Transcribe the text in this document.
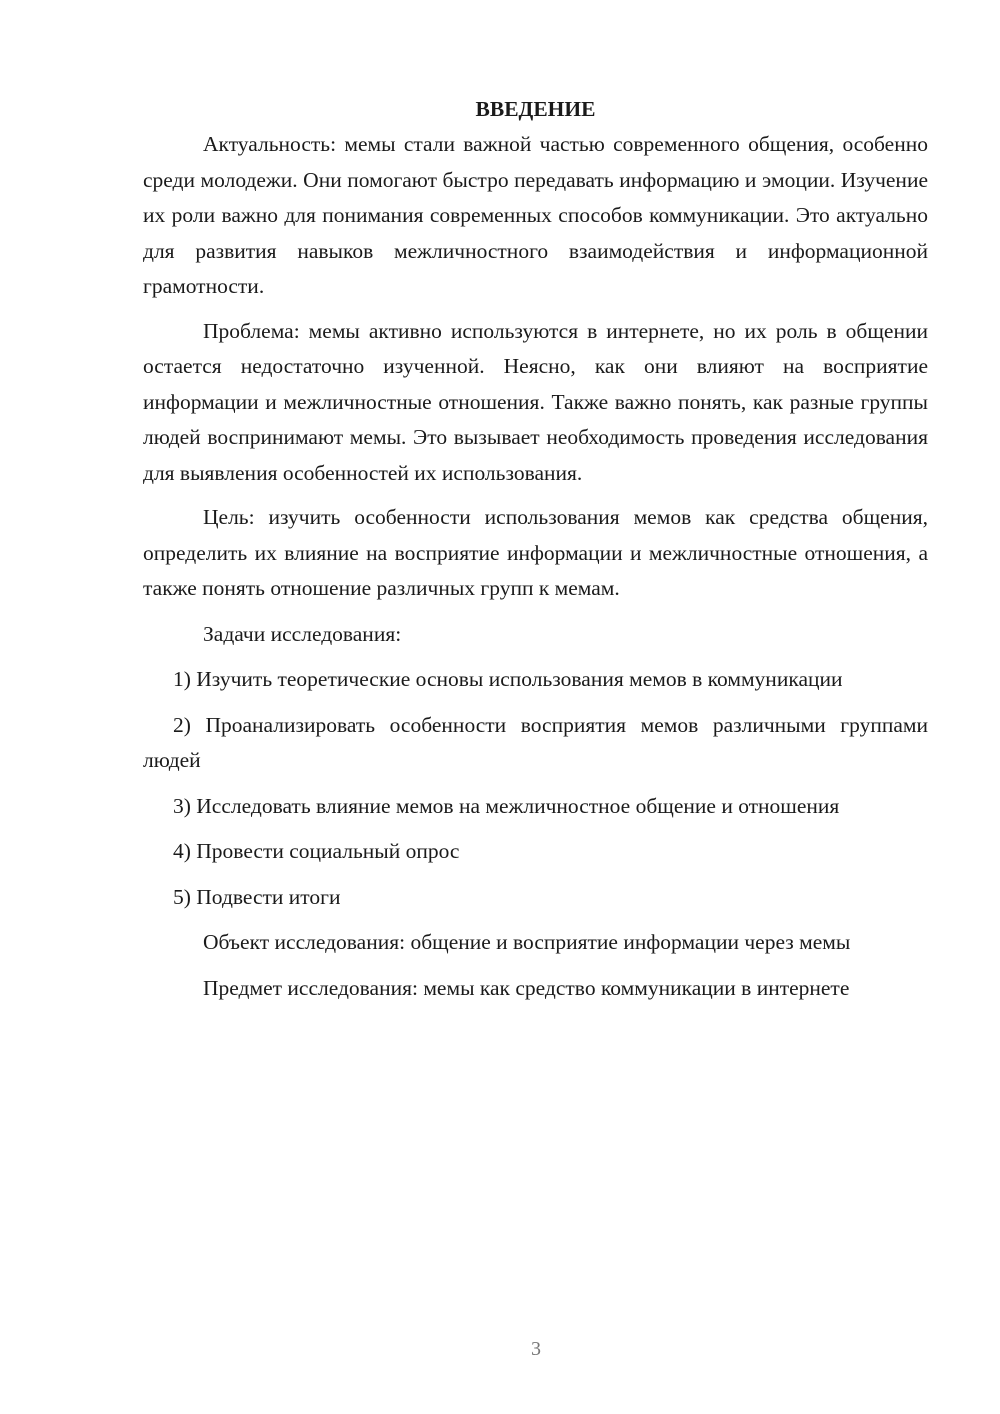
ВВЕДЕНИЕ

Актуальность: мемы стали важной частью современного общения, особенно среди молодежи. Они помогают быстро передавать информацию и эмоции. Изучение их роли важно для понимания современных способов коммуникации. Это актуально для развития навыков межличностного взаимодействия и информационной грамотности.

Проблема: мемы активно используются в интернете, но их роль в общении остается недостаточно изученной. Неясно, как они влияют на восприятие информации и межличностные отношения. Также важно понять, как разные группы людей воспринимают мемы. Это вызывает необходимость проведения исследования для выявления особенностей их использования.

Цель: изучить особенности использования мемов как средства общения, определить их влияние на восприятие информации и межличностные отношения, а также понять отношение различных групп к мемам.

Задачи исследования:

1) Изучить теоретические основы использования мемов в коммуникации

2) Проанализировать особенности восприятия мемов различными группами людей

3) Исследовать влияние мемов на межличностное общение и отношения

4) Провести социальный опрос

5) Подвести итоги

Объект исследования: общение и восприятие информации через мемы

Предмет исследования: мемы как средство коммуникации в интернете

3
